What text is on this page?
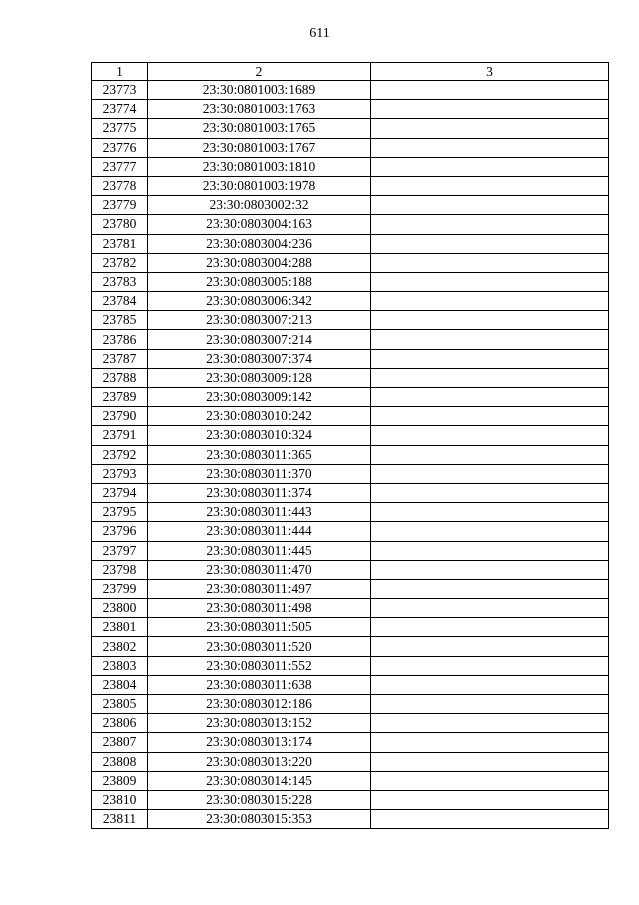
611
1	2	3
23773	23:30:0801003:1689	
23774	23:30:0801003:1763	
23775	23:30:0801003:1765	
23776	23:30:0801003:1767	
23777	23:30:0801003:1810	
23778	23:30:0801003:1978	
23779	23:30:0803002:32	
23780	23:30:0803004:163	
23781	23:30:0803004:236	
23782	23:30:0803004:288	
23783	23:30:0803005:188	
23784	23:30:0803006:342	
23785	23:30:0803007:213	
23786	23:30:0803007:214	
23787	23:30:0803007:374	
23788	23:30:0803009:128	
23789	23:30:0803009:142	
23790	23:30:0803010:242	
23791	23:30:0803010:324	
23792	23:30:0803011:365	
23793	23:30:0803011:370	
23794	23:30:0803011:374	
23795	23:30:0803011:443	
23796	23:30:0803011:444	
23797	23:30:0803011:445	
23798	23:30:0803011:470	
23799	23:30:0803011:497	
23800	23:30:0803011:498	
23801	23:30:0803011:505	
23802	23:30:0803011:520	
23803	23:30:0803011:552	
23804	23:30:0803011:638	
23805	23:30:0803012:186	
23806	23:30:0803013:152	
23807	23:30:0803013:174	
23808	23:30:0803013:220	
23809	23:30:0803014:145	
23810	23:30:0803015:228	
23811	23:30:0803015:353	
